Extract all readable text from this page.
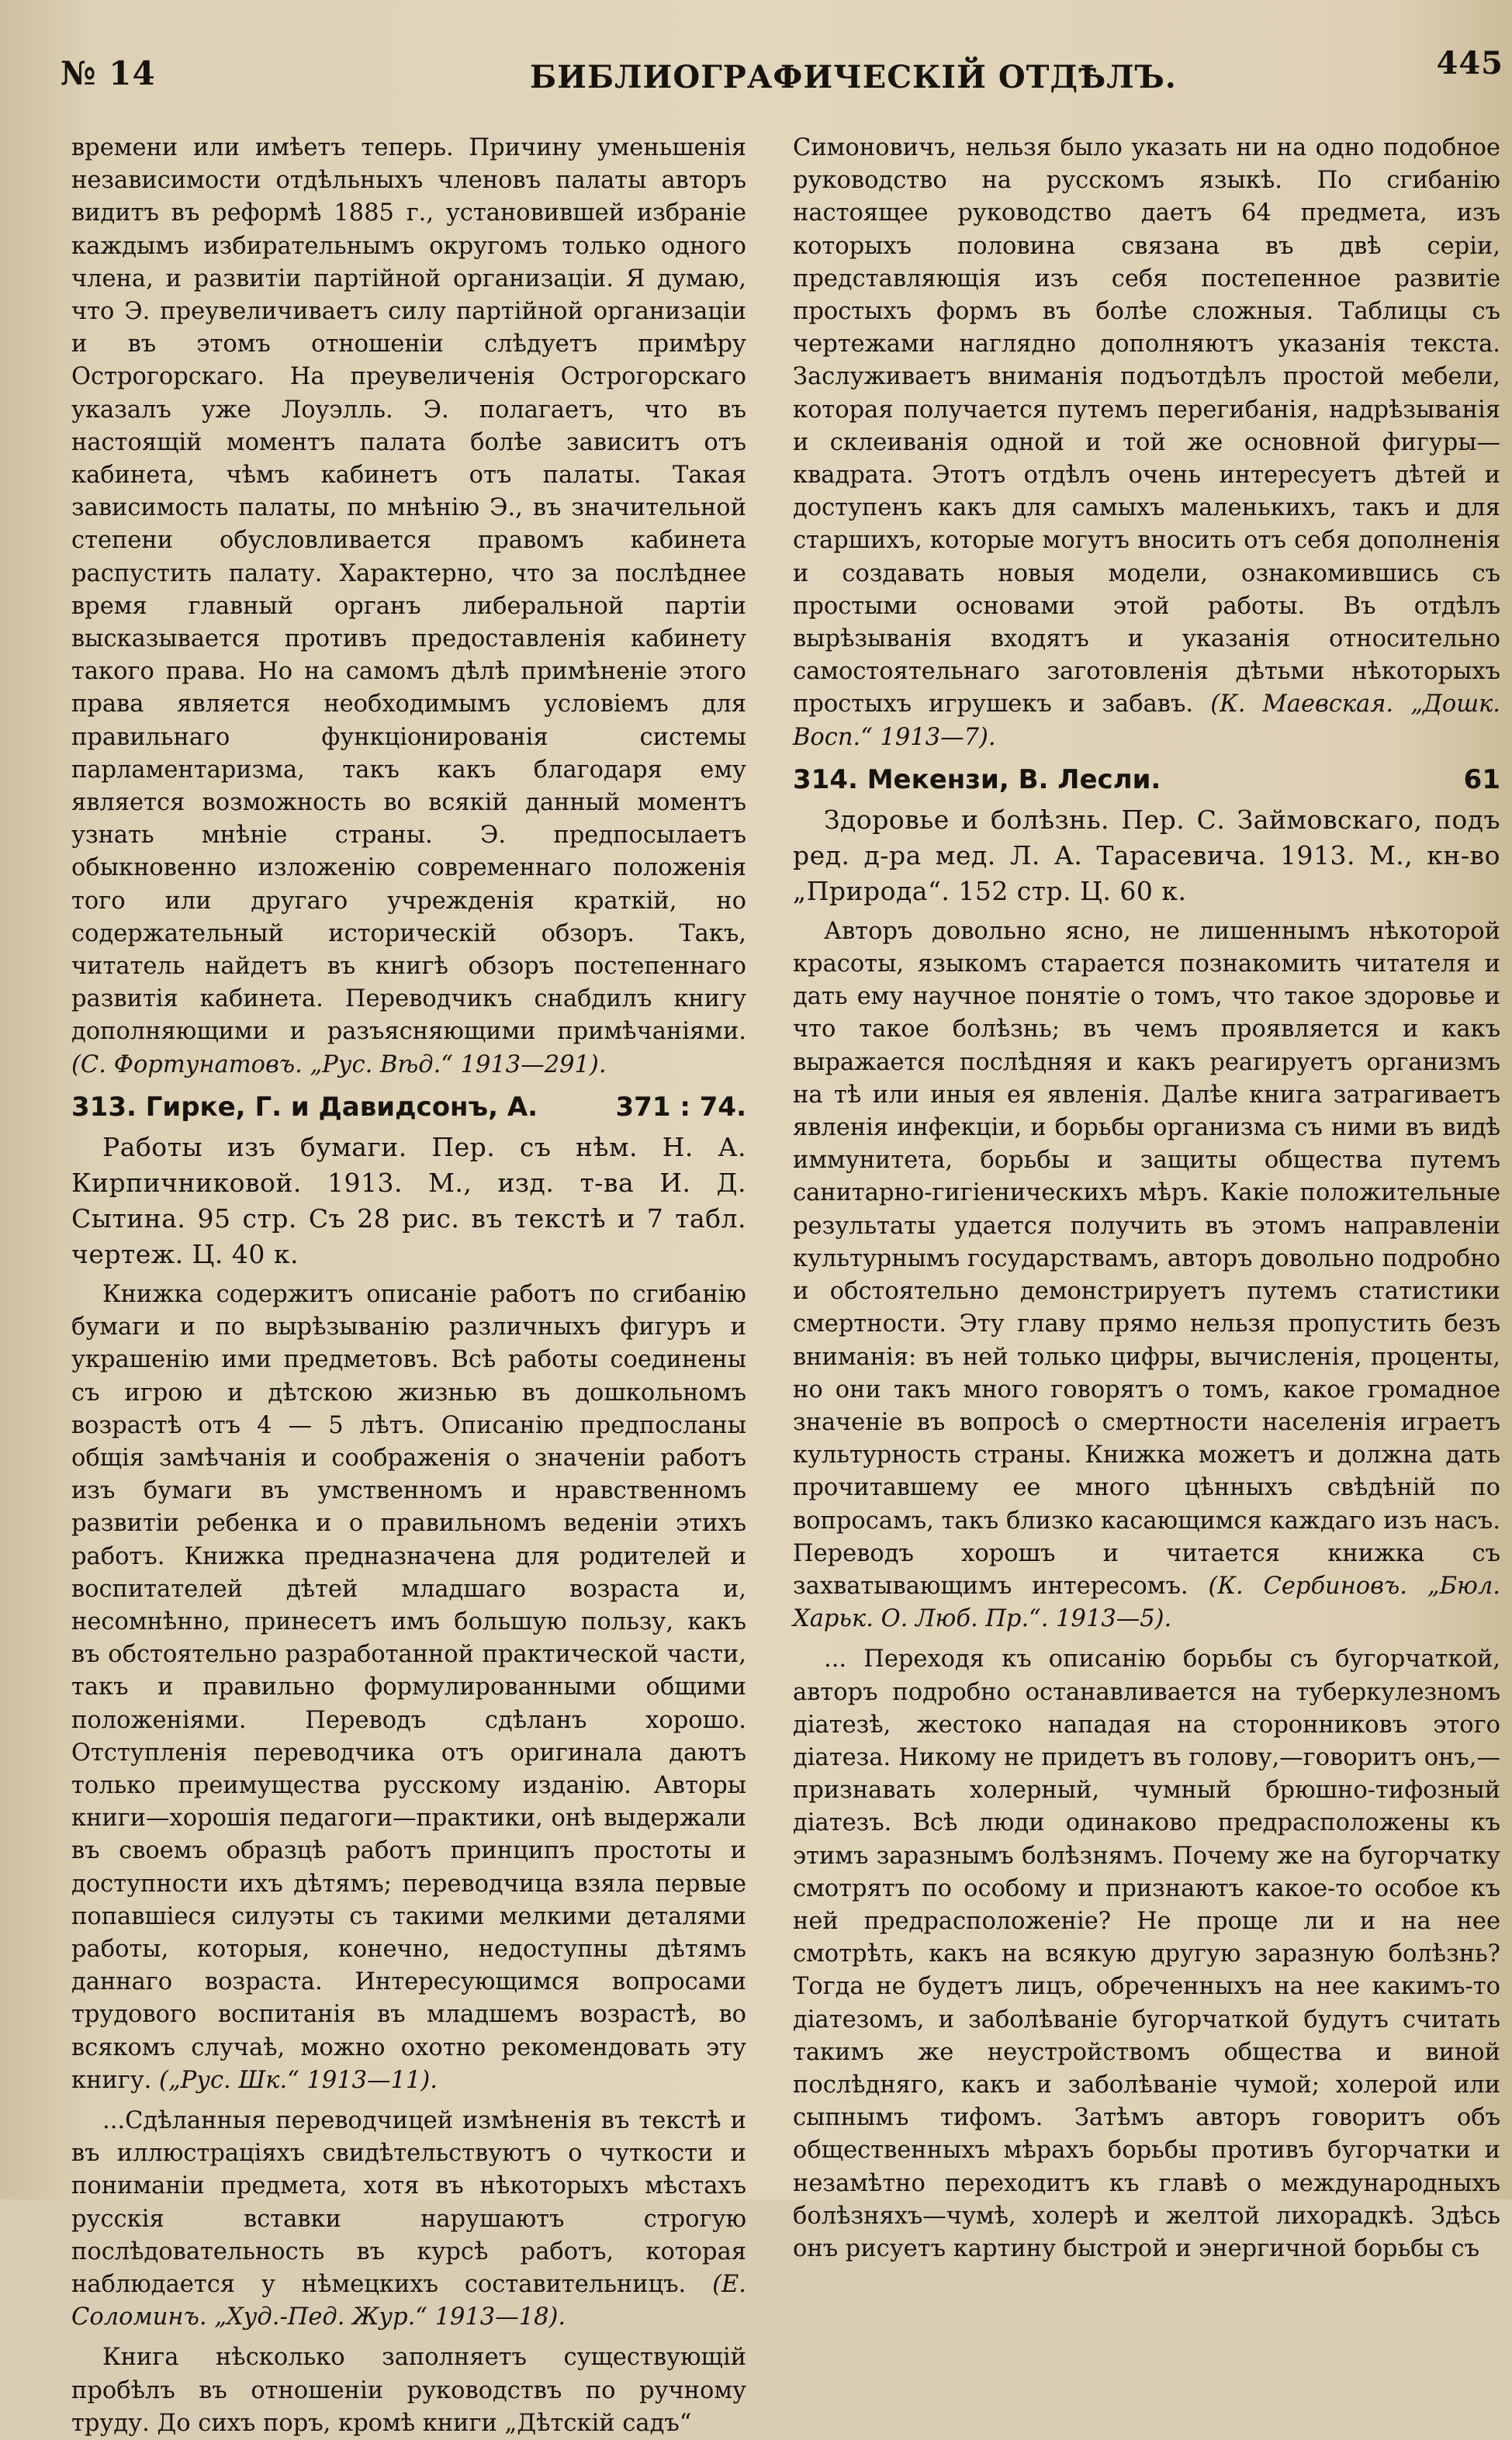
№ 14	БИБЛИОГРАФИЧЕСКІЙ ОТДѢЛЪ.	445

времени или имѣетъ теперь. Причину уменьшенія независимости отдѣльныхъ членовъ палаты авторъ видитъ въ реформѣ 1885 г., установившей избраніе каждымъ избирательнымъ округомъ только одного члена, и развитіи партійной организаціи. Я думаю, что Э. преувеличиваетъ силу партійной организаціи и въ этомъ отношеніи слѣдуетъ примѣру Острогорскаго. На преувеличенія Острогорскаго указалъ уже Лоуэлль. Э. полагаетъ, что въ настоящій моментъ палата болѣе зависитъ отъ кабинета, чѣмъ кабинетъ отъ палаты. Такая зависимость палаты, по мнѣнію Э., въ значительной степени обусловливается правомъ кабинета распустить палату. Характерно, что за послѣднее время главный органъ либеральной партіи высказывается противъ предоставленія кабинету такого права. Но на самомъ дѣлѣ примѣненіе этого права является необходимымъ условіемъ для правильнаго функціонированія системы парламентаризма, такъ какъ благодаря ему является возможность во всякій данный моментъ узнать мнѣніе страны. Э. предпосылаетъ обыкновенно изложенію современнаго положенія того или другаго учрежденія краткій, но содержательный историческій обзоръ. Такъ, читатель найдетъ въ книгѣ обзоръ постепеннаго развитія кабинета. Переводчикъ снабдилъ книгу дополняющими и разъясняющими примѣчаніями. (С. Фортунатовъ. „Рус. Вѣд.“ 1913—291).

313. Гирке, Г. и Давидсонъ, А.	371 : 74.

Работы изъ бумаги. Пер. съ нѣм. Н. А. Кирпичниковой. 1913. М., изд. т-ва И. Д. Сытина. 95 стр. Съ 28 рис. въ текстѣ и 7 табл. чертеж. Ц. 40 к.

Книжка содержитъ описаніе работъ по сгибанію бумаги и по вырѣзыванію различныхъ фигуръ и украшенію ими предметовъ. Всѣ работы соединены съ игрою и дѣтскою жизнью въ дошкольномъ возрастѣ отъ 4 — 5 лѣтъ. Описанію предпосланы общія замѣчанія и соображенія о значеніи работъ изъ бумаги въ умственномъ и нравственномъ развитіи ребенка и о правильномъ веденіи этихъ работъ. Книжка предназначена для родителей и воспитателей дѣтей младшаго возраста и, несомнѣнно, принесетъ имъ большую пользу, какъ въ обстоятельно разработанной практической части, такъ и правильно формулированными общими положеніями. Переводъ сдѣланъ хорошо. Отступленія переводчика отъ оригинала даютъ только преимущества русскому изданію. Авторы книги—хорошія педагоги—практики, онѣ выдержали въ своемъ образцѣ работъ принципъ простоты и доступности ихъ дѣтямъ; переводчица взяла первые попавшіеся силуэты съ такими мелкими деталями работы, которыя, конечно, недоступны дѣтямъ даннаго возраста. Интересующимся вопросами трудового воспитанія въ младшемъ возрастѣ, во всякомъ случаѣ, можно охотно рекомендовать эту книгу. („Рус. Шк.“ 1913—11).

...Сдѣланныя переводчицей измѣненія въ текстѣ и въ иллюстраціяхъ свидѣтельствуютъ о чуткости и пониманіи предмета, хотя въ нѣкоторыхъ мѣстахъ русскія вставки нарушаютъ строгую послѣдовательность въ курсѣ работъ, которая наблюдается у нѣмецкихъ составительницъ. (Е. Соломинъ. „Худ.-Пед. Жур.“ 1913—18).

Книга нѣсколько заполняетъ существующій пробѣлъ въ отношеніи руководствъ по ручному труду. До сихъ поръ, кромѣ книги „Дѣтскій садъ“

Симоновичъ, нельзя было указать ни на одно подобное руководство на русскомъ языкѣ. По сгибанію настоящее руководство даетъ 64 предмета, изъ которыхъ половина связана въ двѣ серіи, представляющія изъ себя постепенное развитіе простыхъ формъ въ болѣе сложныя. Таблицы съ чертежами наглядно дополняютъ указанія текста. Заслуживаетъ вниманія подъотдѣлъ простой мебели, которая получается путемъ перегибанія, надрѣзыванія и склеиванія одной и той же основной фигуры—квадрата. Этотъ отдѣлъ очень интересуетъ дѣтей и доступенъ какъ для самыхъ маленькихъ, такъ и для старшихъ, которые могутъ вносить отъ себя дополненія и создавать новыя модели, ознакомившись съ простыми основами этой работы. Въ отдѣлъ вырѣзыванія входятъ и указанія относительно самостоятельнаго заготовленія дѣтьми нѣкоторыхъ простыхъ игрушекъ и забавъ. (К. Маевская. „Дошк. Восп.“ 1913—7).

314. Мекензи, В. Лесли.	61

Здоровье и болѣзнь. Пер. С. Займовскаго, подъ ред. д-ра мед. Л. А. Тарасевича. 1913. М., кн-во „Природа“. 152 стр. Ц. 60 к.

Авторъ довольно ясно, не лишеннымъ нѣкоторой красоты, языкомъ старается познакомить читателя и дать ему научное понятіе о томъ, что такое здоровье и что такое болѣзнь; въ чемъ проявляется и какъ выражается послѣдняя и какъ реагируетъ организмъ на тѣ или иныя ея явленія. Далѣе книга затрагиваетъ явленія инфекціи, и борьбы организма съ ними въ видѣ иммунитета, борьбы и защиты общества путемъ санитарно-гигіеническихъ мѣръ. Какіе положительные результаты удается получить въ этомъ направленіи культурнымъ государствамъ, авторъ довольно подробно и обстоятельно демонстрируетъ путемъ статистики смертности. Эту главу прямо нельзя пропустить безъ вниманія: въ ней только цифры, вычисленія, проценты, но они такъ много говорятъ о томъ, какое громадное значеніе въ вопросѣ о смертности населенія играетъ культурность страны. Книжка можетъ и должна дать прочитавшему ее много цѣнныхъ свѣдѣній по вопросамъ, такъ близко касающимся каждаго изъ насъ. Переводъ хорошъ и читается книжка съ захватывающимъ интересомъ. (К. Сербиновъ. „Бюл. Харьк. О. Люб. Пр.“. 1913—5).

... Переходя къ описанію борьбы съ бугорчаткой, авторъ подробно останавливается на туберкулезномъ діатезѣ, жестоко нападая на сторонниковъ этого діатеза. Никому не придетъ въ голову,—говоритъ онъ,—признавать холерный, чумный брюшно-тифозный діатезъ. Всѣ люди одинаково предрасположены къ этимъ заразнымъ болѣзнямъ. Почему же на бугорчатку смотрятъ по особому и признаютъ какое-то особое къ ней предрасположеніе? Не проще ли и на нее смотрѣть, какъ на всякую другую заразную болѣзнь? Тогда не будетъ лицъ, обреченныхъ на нее какимъ-то діатезомъ, и заболѣваніе бугорчаткой будутъ считать такимъ же неустройствомъ общества и виной послѣдняго, какъ и заболѣваніе чумой; холерой или сыпнымъ тифомъ. Затѣмъ авторъ говоритъ объ общественныхъ мѣрахъ борьбы противъ бугорчатки и незамѣтно переходитъ къ главѣ о международныхъ болѣзняхъ—чумѣ, холерѣ и желтой лихорадкѣ. Здѣсь онъ рисуетъ картину быстрой и энергичной борьбы съ
